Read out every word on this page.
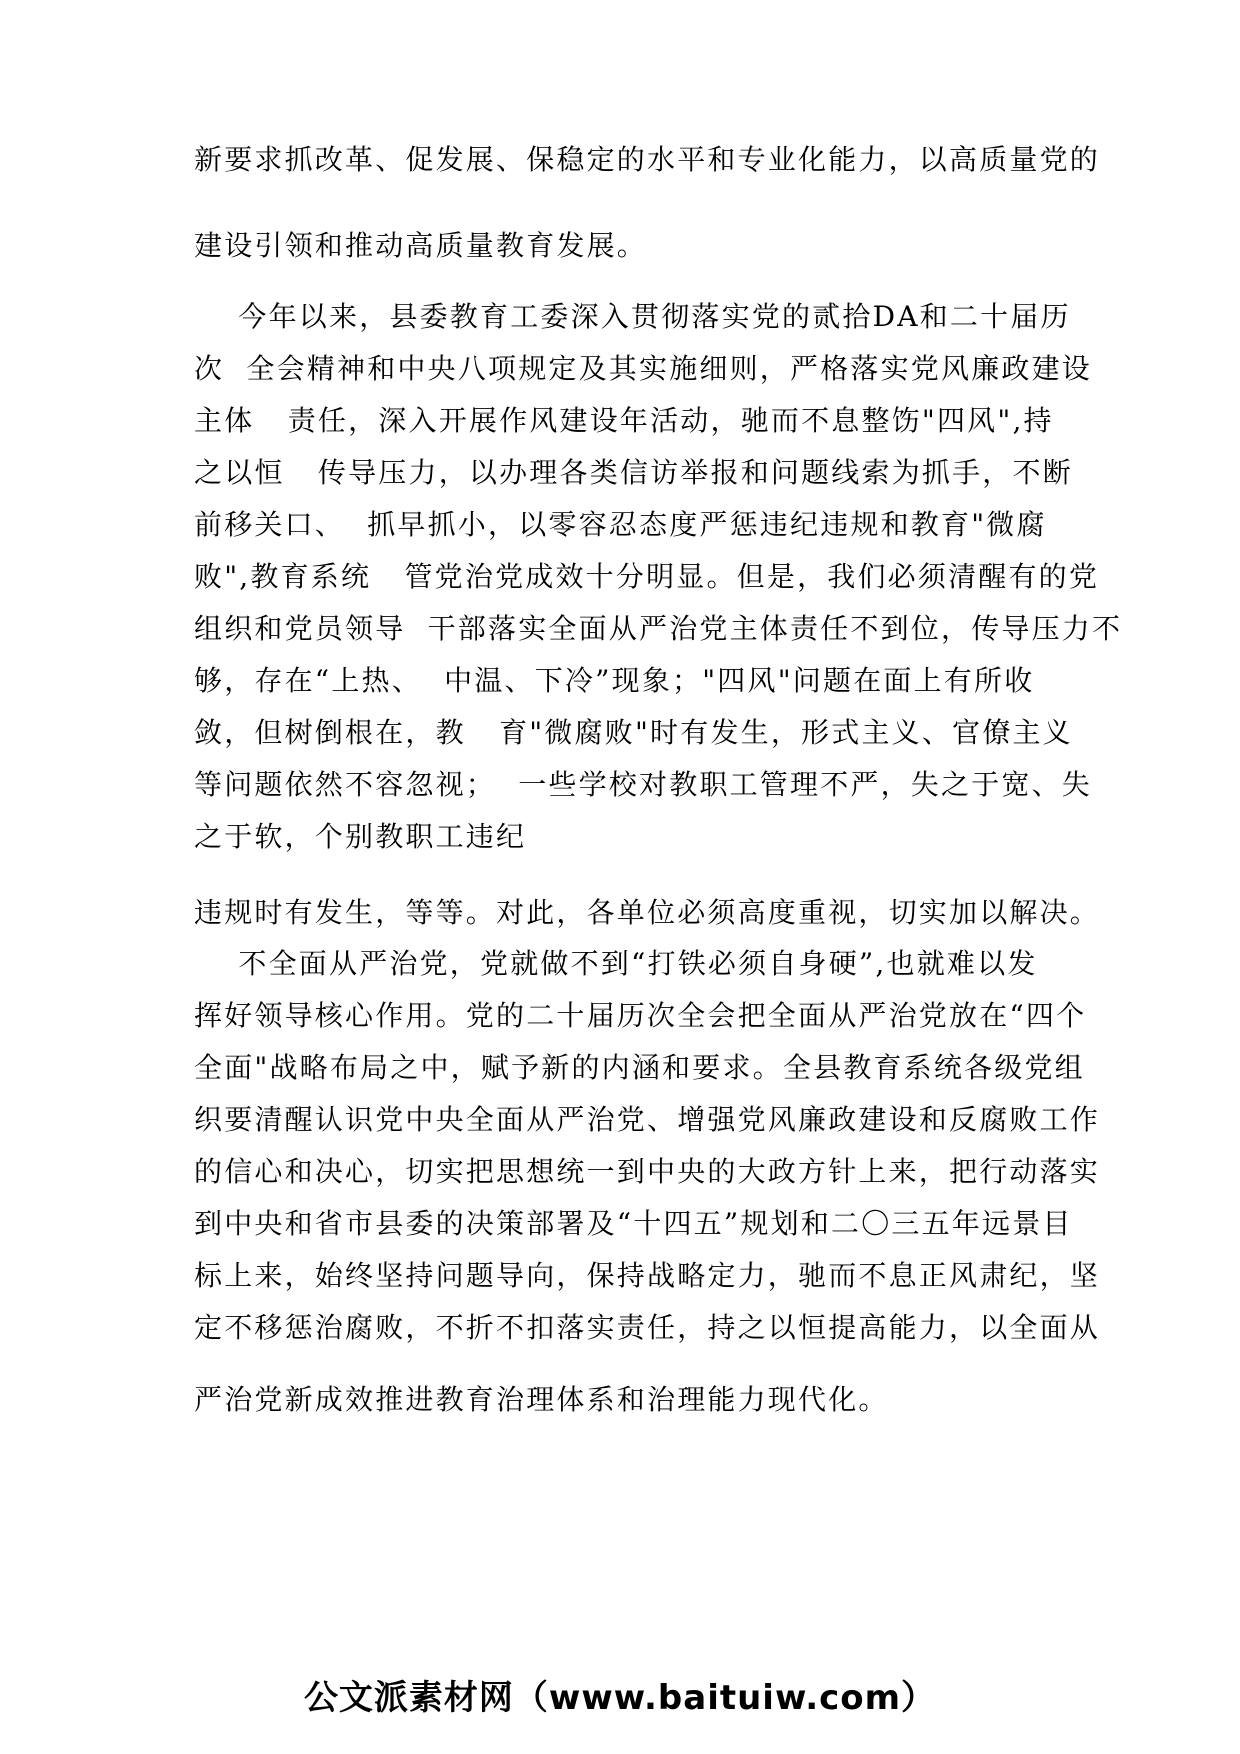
新要求抓改革、促发展、保稳定的水平和专业化能力，以高质量党的
建设引领和推动高质量教育发展。
今年以来，县委教育工委深入贯彻落实党的贰拾DA和二十届历
次  全会精神和中央八项规定及其实施细则，严格落实党风廉政建设
主体   责任，深入开展作风建设年活动，驰而不息整饬"四风",持
之以恒   传导压力，以办理各类信访举报和问题线索为抓手，不断
前移关口、  抓早抓小，以零容忍态度严惩违纪违规和教育"微腐
败",教育系统   管党治党成效十分明显。但是，我们必须清醒有的党
组织和党员领导  干部落实全面从严治党主体责任不到位，传导压力不
够，存在“上热、  中温、下冷”现象；"四风"问题在面上有所收
敛，但树倒根在，教   育"微腐败"时有发生，形式主义、官僚主义
等问题依然不容忽视；  一些学校对教职工管理不严，失之于宽、失
之于软，个别教职工违纪
违规时有发生，等等。对此，各单位必须高度重视，切实加以解决。
不全面从严治党，党就做不到“打铁必须自身硬”,也就难以发
挥好领导核心作用。党的二十届历次全会把全面从严治党放在“四个
全面"战略布局之中，赋予新的内涵和要求。全县教育系统各级党组
织要清醒认识党中央全面从严治党、增强党风廉政建设和反腐败工作
的信心和决心，切实把思想统一到中央的大政方针上来，把行动落实
到中央和省市县委的决策部署及“十四五”规划和二〇三五年远景目
标上来，始终坚持问题导向，保持战略定力，驰而不息正风肃纪，坚
定不移惩治腐败，不折不扣落实责任，持之以恒提高能力，以全面从
严治党新成效推进教育治理体系和治理能力现代化。
公文派素材网（www.baituiw.com）
